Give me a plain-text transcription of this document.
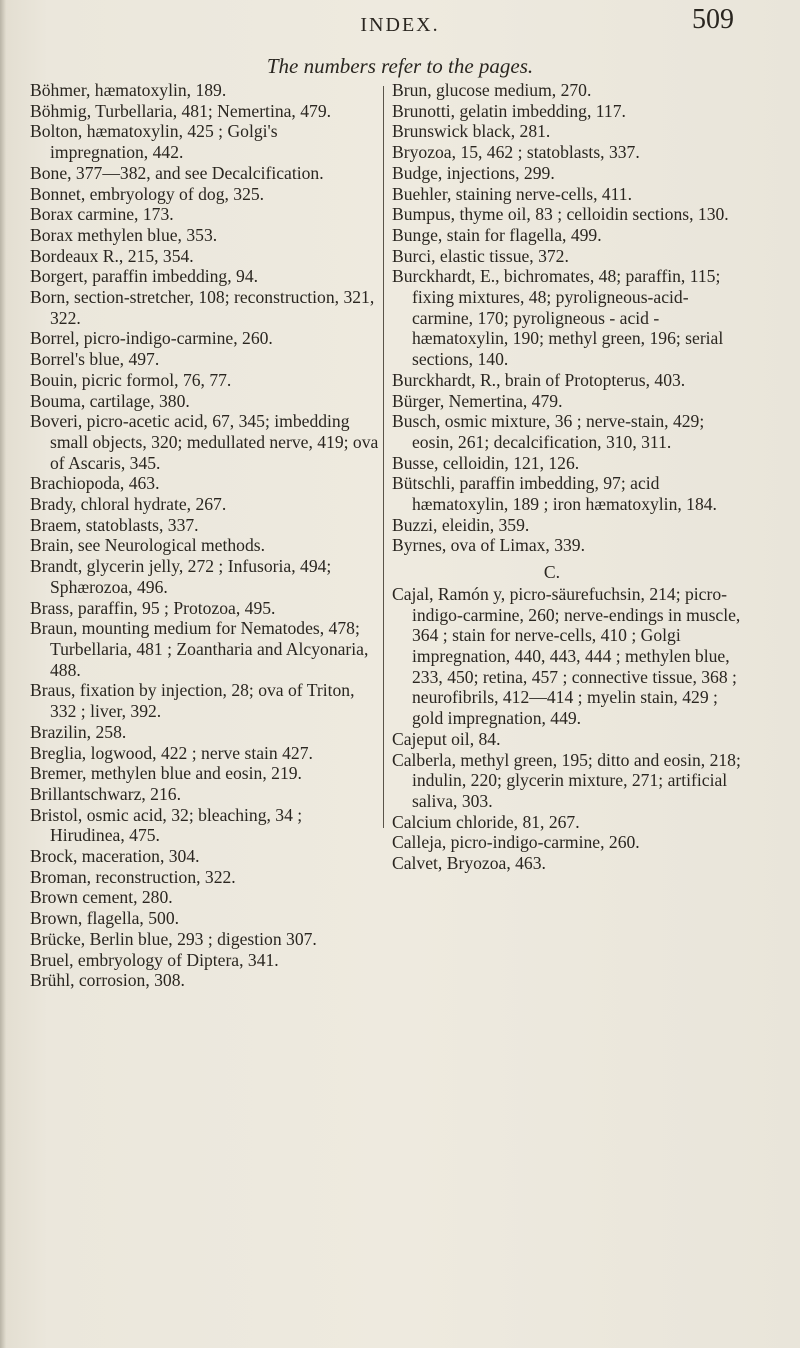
INDEX.	509
The numbers refer to the pages.

Böhmer, hæmatoxylin, 189.

Böhmig, Turbellaria, 481; Nemertina, 479.

Bolton, hæmatoxylin, 425 ; Golgi's impregnation, 442.

Bone, 377—382, and see Decalcification.

Bonnet, embryology of dog, 325.

Borax carmine, 173.

Borax methylen blue, 353.

Bordeaux R., 215, 354.

Borgert, paraffin imbedding, 94.

Born, section-stretcher, 108; reconstruction, 321, 322.

Borrel, picro-indigo-carmine, 260.

Borrel's blue, 497.

Bouin, picric formol, 76, 77.

Bouma, cartilage, 380.

Boveri, picro-acetic acid, 67, 345; imbedding small objects, 320; medullated nerve, 419; ova of Ascaris, 345.

Brachiopoda, 463.

Brady, chloral hydrate, 267.

Braem, statoblasts, 337.

Brain, see Neurological methods.

Brandt, glycerin jelly, 272 ; Infusoria, 494; Sphærozoa, 496.

Brass, paraffin, 95 ; Protozoa, 495.

Braun, mounting medium for Nematodes, 478; Turbellaria, 481 ; Zoantharia and Alcyonaria, 488.

Braus, fixation by injection, 28; ova of Triton, 332 ; liver, 392.

Brazilin, 258.

Breglia, logwood, 422 ; nerve stain 427.

Bremer, methylen blue and eosin, 219.

Brillantschwarz, 216.

Bristol, osmic acid, 32; bleaching, 34 ; Hirudinea, 475.

Brock, maceration, 304.

Broman, reconstruction, 322.

Brown cement, 280.

Brown, flagella, 500.

Brücke, Berlin blue, 293 ; digestion 307.

Bruel, embryology of Diptera, 341.

Brühl, corrosion, 308.

Brun, glucose medium, 270.

Brunotti, gelatin imbedding, 117.

Brunswick black, 281.

Bryozoa, 15, 462 ; statoblasts, 337.

Budge, injections, 299.

Buehler, staining nerve-cells, 411.

Bumpus, thyme oil, 83 ; celloidin sections, 130.

Bunge, stain for flagella, 499.

Burci, elastic tissue, 372.

Burckhardt, E., bichromates, 48; paraffin, 115; fixing mixtures, 48; pyroligneous-acid-carmine, 170; pyroligneous - acid - hæmatoxylin, 190; methyl green, 196; serial sections, 140.

Burckhardt, R., brain of Protopterus, 403.

Bürger, Nemertina, 479.

Busch, osmic mixture, 36 ; nerve-stain, 429; eosin, 261; decalcification, 310, 311.

Busse, celloidin, 121, 126.

Bütschli, paraffin imbedding, 97; acid hæmatoxylin, 189 ; iron hæmatoxylin, 184.

Buzzi, eleidin, 359.

Byrnes, ova of Limax, 339.

C.

Cajal, Ramón y, picro-säurefuchsin, 214; picro-indigo-carmine, 260; nerve-endings in muscle, 364 ; stain for nerve-cells, 410 ; Golgi impregnation, 440, 443, 444 ; methylen blue, 233, 450; retina, 457 ; connective tissue, 368 ; neurofibrils, 412—414 ; myelin stain, 429 ; gold impregnation, 449.

Cajeput oil, 84.

Calberla, methyl green, 195; ditto and eosin, 218; indulin, 220; glycerin mixture, 271; artificial saliva, 303.

Calcium chloride, 81, 267.

Calleja, picro-indigo-carmine, 260.

Calvet, Bryozoa, 463.
